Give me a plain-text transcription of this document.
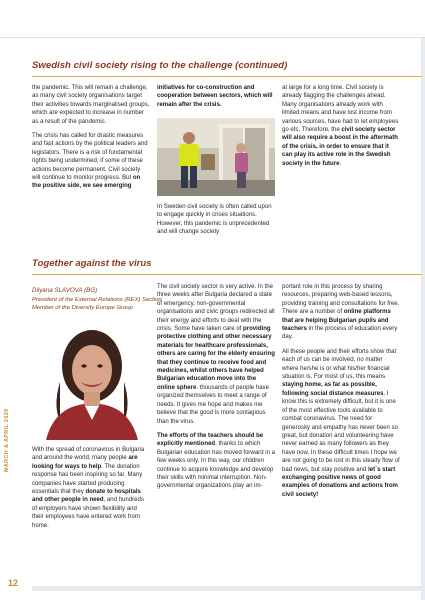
Swedish civil society rising to the challenge (continued)

the pandemic. This will remain a challenge, as many civil society organisations target their activities towards marginalised groups, which are expected to increase in number as a result of the pandemic.

The crisis has called for drastic measures and fast actions by the political leaders and legislators. There is a risk of fundamental rights being undermined, if some of these actions become permanent. Civil society will continue to monitor progress. But on the positive side, we see emerging

initiatives for co-construction and cooperation between sectors, which will remain after the crisis.

In Sweden civil society is often called upon to engage quickly in crises situations. However, this pandemic is unprecedented and will change society

at large for a long time. Civil society is already flagging the challenges ahead. Many organisations already work with limited means and have lost income from various sources, have had to let employees go etc. Therefore, the civil society sector will also require a boost in the aftermath of the crisis, in order to ensure that it can play its active role in the Swedish society in the future.

Together against the virus
Dilyana SLAVOVA (BG)
President of the External Relations (REX) Section
Member of the Diversity Europe Group

With the spread of coronavirus in Bulgaria and around the world, many people are looking for ways to help. The donation response has been inspiring so far. Many companies have started producing essentials that they donate to hospitals and other people in need, and hundreds of employers have shown flexibility and their employees have entered work from home.

The civil society sector is very active. In the three weeks after Bulgaria declared a state of emergency, non-governmental organisations and civic groups redirected all their energy and efforts to deal with the crisis. Some have taken care of providing protective clothing and other necessary materials for healthcare professionals, others are caring for the elderly ensuring that they continue to receive food and medicines, whilst others have helped Bulgarian education move into the online sphere. thousands of people have organized themselves to meet a range of needs. It gives me hope and makes me believe that the good is more contagious than the virus.

The efforts of the teachers should be explicitly mentioned, thanks to which Bulgarian education has moved forward in a few weeks only. In this way, our children continue to acquire knowledge and develop their skills with minimal interruption. Non-governmental organizations play an im-

portant role in this process by sharing resources, preparing web-based lessons, providing training and consultations for free. There are a number of online platforms that are helping Bulgarian pupils and teachers in the process of education every day.

All these people and their efforts show that each of us can be involved, no matter where he/she is or what his/her financial situation is. For most of us, this means staying home, as far as possible, following social distance measures. I know this is extremely difficult, but it is one of the most effective tools available to combat coronavirus. The need for generosity and empathy has never been so great, but donation and volunteering have never earned as many followers as they have now. In these difficult times I hope we are not going to be lost in this steady flow of bad news, but stay positive and let`s start exchanging positive news of good examples of donations and actions from civil society!

MARCH & APRIL 2020
12
